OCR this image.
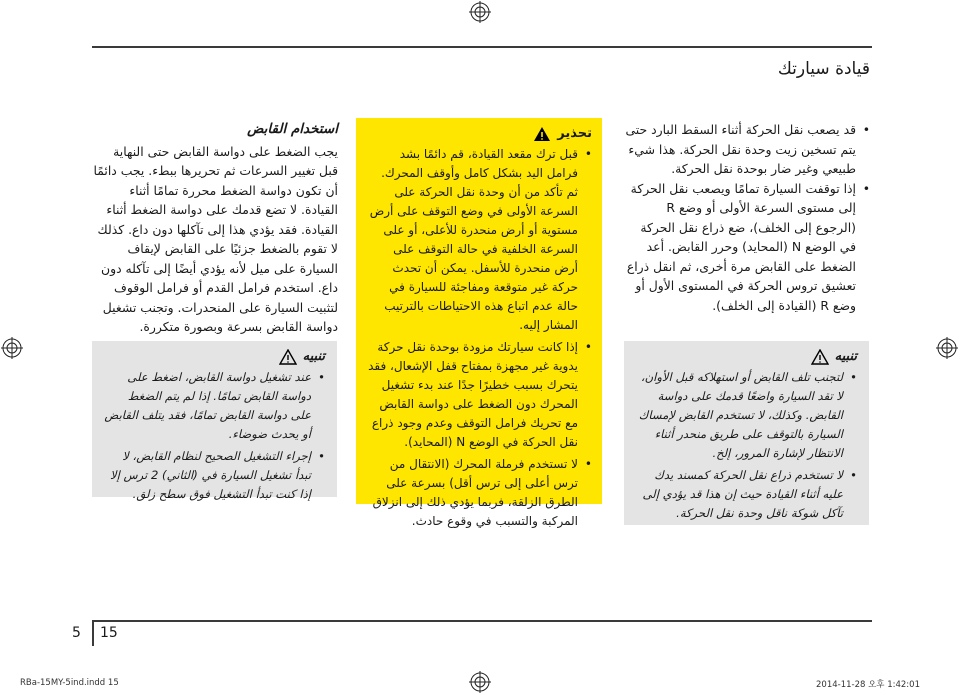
قيادة سيارتك

• قد يصعب نقل الحركة أثناء السقط البارد حتى يتم تسخين زيت وحدة نقل الحركة. هذا شيء طبيعي وغير ضار بوحدة نقل الحركة.

• إذا توقفت السيارة تمامًا ويصعب نقل الحركة إلى مستوى السرعة الأولى أو وضع R (الرجوع إلى الخلف)، ضع ذراع نقل الحركة في الوضع N (المحايد) وحرر القابض. أعد الضغط على القابض مرة أخرى، ثم انقل ذراع تعشيق تروس الحركة في المستوى الأول أو وضع R (القيادة إلى الخلف).

تنبيه

• لتجنب تلف القابض أو استهلاكه قبل الأوان، لا تقد السيارة واضعًا قدمك على دواسة القابض. وكذلك، لا تستخدم القابض لإمساك السيارة بالتوقف على طريق منحدر أثناء الانتظار لإشارة المرور، إلخ.

• لا تستخدم ذراع نقل الحركة كمسند يدك عليه أثناء القيادة حيث إن هذا قد يؤدي إلى تآكل شوكة ناقل وحدة نقل الحركة.

تحذير

• قبل ترك مقعد القيادة، قم دائمًا بشد فرامل اليد بشكل كامل وأوقف المحرك. ثم تأكد من أن وحدة نقل الحركة على السرعة الأولى في وضع التوقف على أرض مستوية أو أرض منحدرة للأعلى، أو على السرعة الخلفية في حالة التوقف على أرض منحدرة للأسفل. يمكن أن تحدث حركة غير متوقعة ومفاجئة للسيارة في حالة عدم اتباع هذه الاحتياطات بالترتيب المشار إليه.

• إذا كانت سيارتك مزودة بوحدة نقل حركة يدوية غير مجهزة بمفتاح قفل الإشعال، فقد يتحرك بسبب خطيرًا جدًا عند بدء تشغيل المحرك دون الضغط على دواسة القابض مع تحريك فرامل التوقف وعدم وجود ذراع نقل الحركة في الوضع N (المحايد).

• لا تستخدم فرملة المحرك (الانتقال من ترس أعلى إلى ترس أقل) بسرعة على الطرق الزلقة، فربما يؤدي ذلك إلى انزلاق المركبة والتسبب في وقوع حادث.

استخدام القابض

يجب الضغط على دواسة القابض حتى النهاية قبل تغيير السرعات ثم تحريرها ببطء. يجب دائمًا أن تكون دواسة الضغط محررة تمامًا أثناء القيادة. لا تضع قدمك على دواسة الضغط أثناء القيادة. فقد يؤدي هذا إلى تآكلها دون داع. كذلك لا تقوم بالضغط جزئيًا على القابض لإيقاف السيارة على ميل لأنه يؤدي أيضًا إلى تآكله دون داع. استخدم فرامل القدم أو فرامل الوقوف لتثبيت السيارة على المنحدرات. وتجنب تشغيل دواسة القابض بسرعة وبصورة متكررة.

تنبيه

• عند تشغيل دواسة القابض، اضغط على دواسة القابض تمامًا. إذا لم يتم الضغط على دواسة القابض تمامًا، فقد يتلف القابض أو يحدث ضوضاء.

• إجراء التشغيل الصحيح لنظام القابض، لا تبدأ تشغيل السيارة في (الثاني) 2 ترس إلا إذا كنت تبدأ التشغيل فوق سطح زلق.

5 15
RBa-15MY-5ind.indd 15	2014-11-28 오후 1:42:01
